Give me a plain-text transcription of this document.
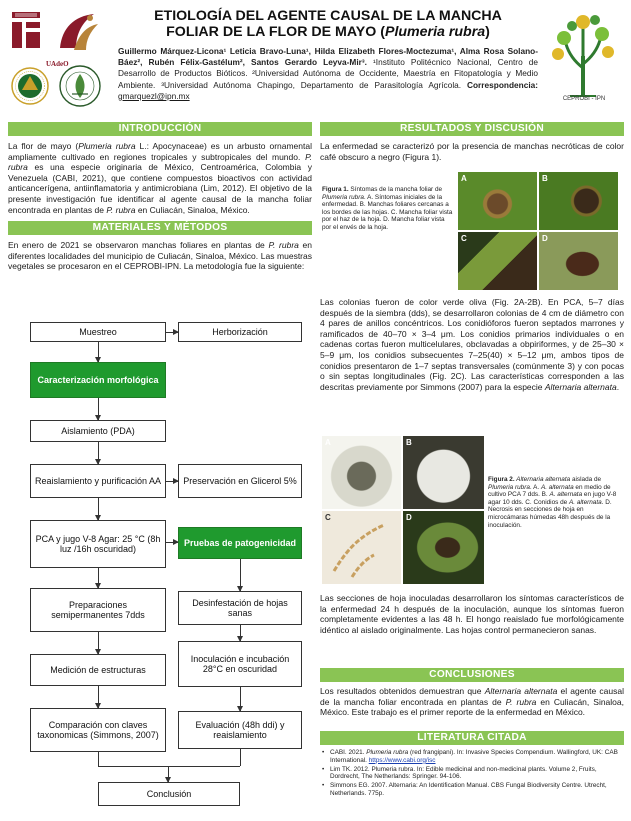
UAdeO
ETIOLOGÍA DEL AGENTE CAUSAL DE LA MANCHA
FOLIAR DE LA FLOR DE MAYO (Plumeria rubra)
Guillermo Márquez-Licona¹ Leticia Bravo-Luna¹, Hilda Elizabeth Flores-Moctezuma¹, Alma Rosa Solano-Báez², Rubén Félix-Gastélum², Santos Gerardo Leyva-Mir³. ¹Instituto Politécnico Nacional, Centro de Desarrollo de Productos Bióticos. ²Universidad Autónoma de Occidente, Maestría en Fitopatología y Medio Ambiente. ³Universidad Autónoma Chapingo, Departamento de Parasitología Agrícola. Correspondencia: gmarquezl@ipn.mx	CEPROBI - IPN
INTRODUCCIÓN
La flor de mayo (Plumeria rubra L.: Apocynaceae) es un arbusto ornamental ampliamente cultivado en regiones tropicales y subtropicales del mundo. P. rubra es una especie originaria de México, Centroamérica, Colombia y Venezuela (CABI, 2021), que contiene compuestos bioactivos con actividad anticancerígena, antiinflamatoria y antimicrobiana (Lim, 2012). El objetivo de la presente investigación fue identificar al agente causal de la mancha foliar encontrada en plantas de P. rubra en Culiacán, Sinaloa, México.
MATERIALES Y MÉTODOS
En enero de 2021 se observaron manchas foliares en plantas de P. rubra en diferentes localidades del municipio de Culiacán, Sinaloa, México. Las muestras vegetales se procesaron en el CEPROBI-IPN. La metodología fue la siguiente:
Muestreo	Herborización
Caracterización morfológica
Aislamiento (PDA)
Reaislamiento y purificación AA	Preservación en Glicerol 5%
PCA y jugo V-8 Agar: 25 °C (8h luz /16h oscuridad)
Pruebas de patogenicidad
Preparaciones semipermanentes 7dds
Desinfestación de hojas sanas
Medición de estructuras
Inoculación e incubación 28°C en oscuridad
Comparación con claves taxonomicas (Simmons, 2007)
Evaluación (48h ddi) y reaislamiento
Conclusión
RESULTADOS Y DISCUSIÓN
La enfermedad se caracterizó por la presencia de manchas necróticas de color café obscuro a negro (Figura 1).
Figura 1. Síntomas de la mancha foliar de Plumeria rubra. A. Síntomas iniciales de la enfermedad. B. Manchas foliares cercanas a los bordes de las hojas. C. Mancha foliar vista por el haz de la hoja. D. Mancha foliar vista por el envés de la hoja.
A	B
C	D
Las colonias fueron de color verde oliva (Fig. 2A-2B). En PCA, 5–7 días después de la siembra (dds), se desarrollaron colonias de 4 cm de diámetro con 4 pares de anillos concéntricos. Los conidióforos fueron septados marrones y ramificados de 40–70 × 3–4 μm. Los conidios primarios individuales o en cadenas cortas fueron multicelulares, obclavadas a obpiriformes, y de 25–30 × 5–9 μm, los conidios subsecuentes 7–25(40) × 5–12 μm, ambos tipos de conidios presentaron de 1–7 septas transversales (comúnmente 3) y con pocas o sin septas longitudinales (Fig. 2C). Las características corresponden a las descritas previamente por Simmons (2007) para la especie Alternaria alternata.
A	B
C	D
Figura 2. Alternaria alternata aislada de Plumeria rubra. A. A. alternata en medio de cultivo PCA 7 dds. B. A. alternata en jugo V-8 agar 10 dds. C. Conidios de A. alternata. D. Necrosis en secciones de hoja en microcámaras húmedas 48h después de la inoculación.
Las secciones de hoja inoculadas desarrollaron los síntomas característicos de la enfermedad 24 h después de la inoculación, aunque los síntomas fueron completamente evidentes a las 48 h. El hongo reaislado fue morfológicamente idéntico al aislado originalmente. Las hojas control permanecieron sanas.
CONCLUSIONES
Los resultados obtenidos demuestran que Alternaria alternata el agente causal de la mancha foliar encontrada en plantas de P. rubra en Culiacán, Sinaloa, México. Este trabajo es el primer reporte de la enfermedad en México.
LITERATURA CITADA
• CABI. 2021. Plumeria rubra (red frangipani). In: Invasive Species Compendium. Wallingford, UK: CAB International. https://www.cabi.org/isc
• Lim TK. 2012. Plumeria rubra. In: Edible medicinal and non-medicinal plants. Volume 2, Fruits, Dordrecht, The Netherlands: Springer. 94-106.
• Simmons EG. 2007. Alternaria: An Identification Manual. CBS Fungal Biodiversity Centre. Utrecht, Netherlands. 775p.
